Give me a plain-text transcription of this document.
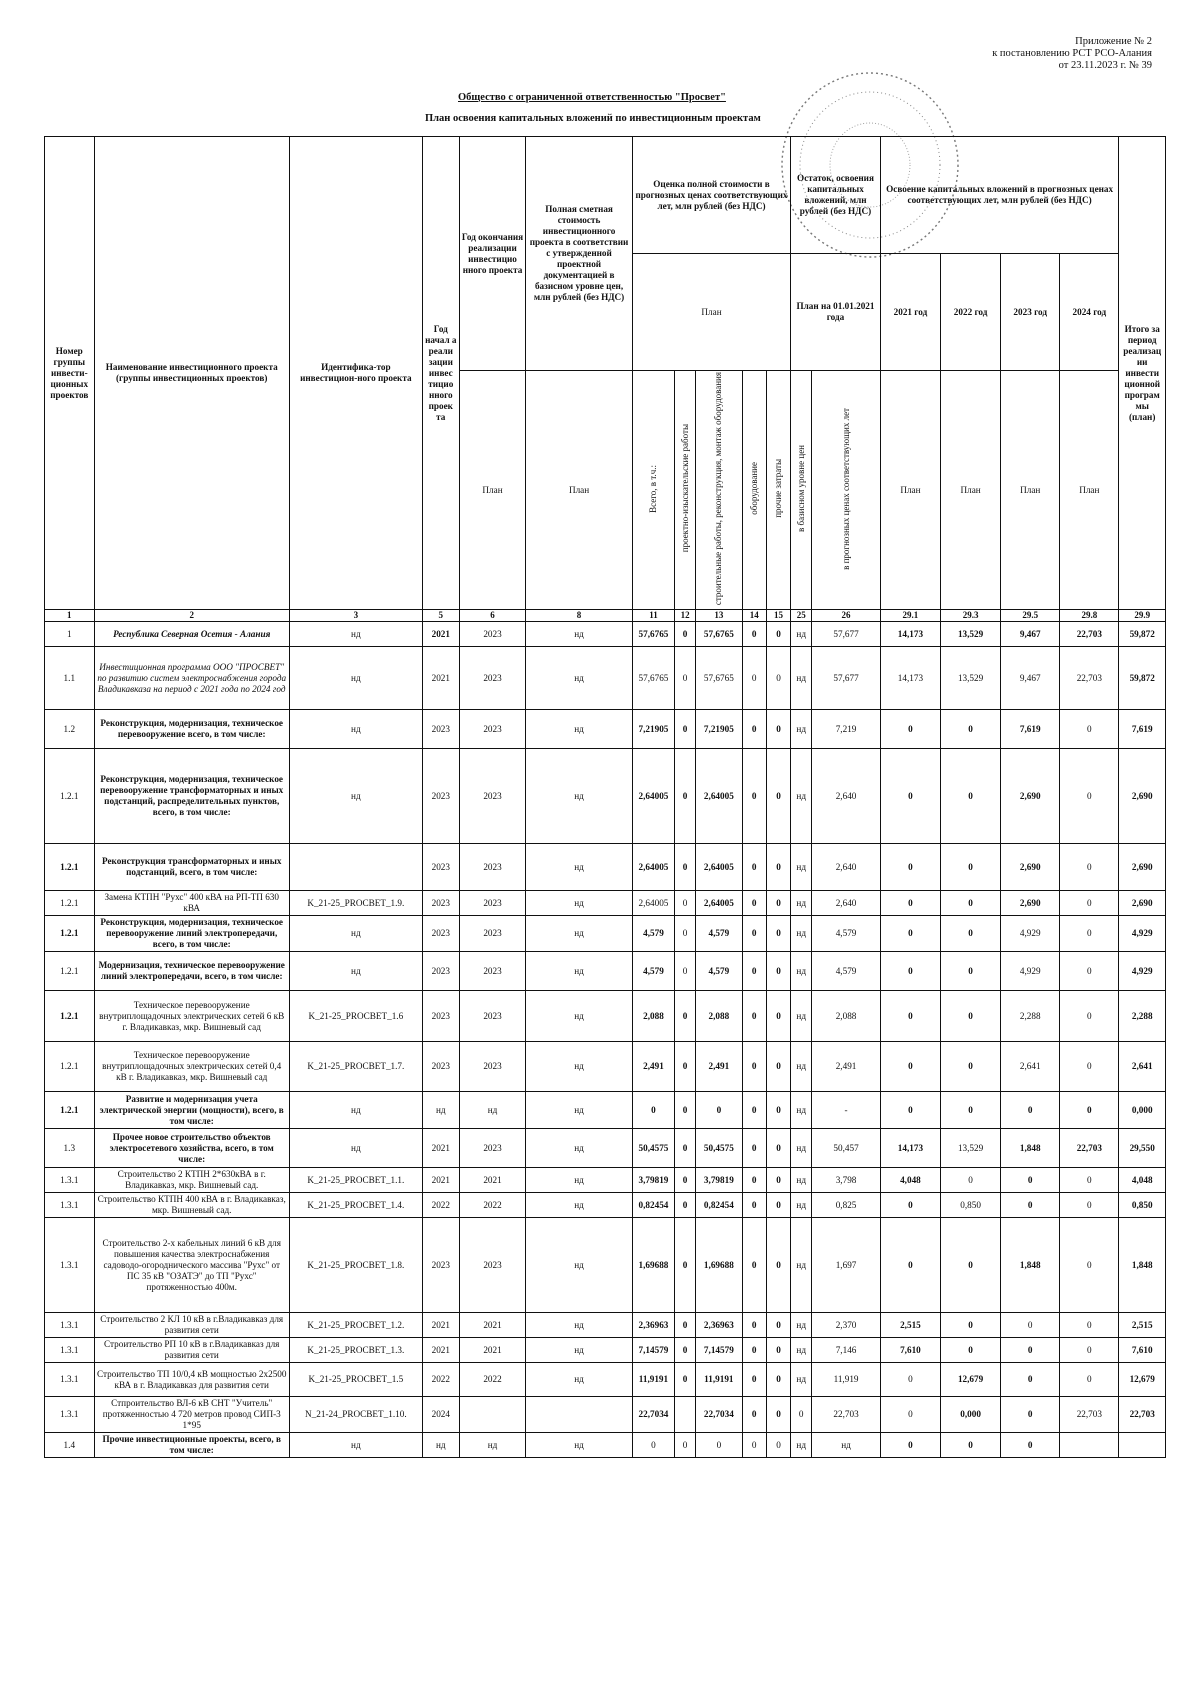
Приложение № 2
к постановлению РСТ РСО-Алания
от 23.11.2023 г. № 39
Общество с ограниченной ответственностью "Просвет"
План освоения капитальных вложений по инвестиционным проектам
Номер группы инвести-ционных проектов	Наименование инвестиционного проекта (группы инвестиционных проектов)	Идентифика-тор инвестицион-ного проекта	Год начал а реали зации инвес тицио нного проек та	Год окончания реализации инвестицио нного проекта	Полная сметная стоимость инвестиционного проекта в соответствии с утвержденной проектной документацией в базисном уровне цен, млн рублей (без НДС)	Оценка полной стоимости в прогнозных ценах соответствующих лет, млн рублей (без НДС)					Остаток, освоения капитальных вложений, млн рублей (без НДС)		Освоение капитальных вложений в прогнозных ценах соответствующих лет, млн рублей (без НДС)				Итого за период реализац ии инвести ционной програм мы (план)
						План					План на 01.01.2021 года		2021 год	2022 год	2023 год	2024 год	
				План	План	Всего, в т.ч.:	проектно-изыскательские работы	строительные работы, реконструкция, монтаж оборудования	оборудование	прочие затраты	в базисном уровне цен	в прогнозных ценах соответствующих лет	План	План	План	План	
1	2	3	5	6	8	11	12	13	14	15	25	26	29.1	29.3	29.5	29.8	29.9
1	Республика Северная Осетия - Алания	нд	2021	2023	нд	57,6765	0	57,6765	0	0	нд	57,677	14,173	13,529	9,467	22,703	59,872
1.1	Инвестиционная программа ООО "ПРОСВЕТ" по развитию систем электроснабжения города Владикавказа на период с 2021 года по 2024 год	нд	2021	2023	нд	57,6765	0	57,6765	0	0	нд	57,677	14,173	13,529	9,467	22,703	59,872
1.2	Реконструкция, модернизация, техническое перевооружение всего, в том числе:	нд	2023	2023	нд	7,21905	0	7,21905	0	0	нд	7,219	0	0	7,619	0	7,619
1.2.1	Реконструкция, модернизация, техническое перевооружение трансформаторных и иных подстанций, распределительных пунктов, всего, в том числе:	нд	2023	2023	нд	2,64005	0	2,64005	0	0	нд	2,640	0	0	2,690	0	2,690
1.2.1	Реконструкция трансформаторных и иных подстанций, всего, в том числе:		2023	2023	нд	2,64005	0	2,64005	0	0	нд	2,640	0	0	2,690	0	2,690
1.2.1	Замена КТПН "Рухс" 400 кВА на РП-ТП 630 кВА	K_21-25_PROCBET_1.9.	2023	2023	нд	2,64005	0	2,64005	0	0	нд	2,640	0	0	2,690	0	2,690
1.2.1	Реконструкция, модернизация, техническое перевооружение линий электропередачи, всего, в том числе:	нд	2023	2023	нд	4,579	0	4,579	0	0	нд	4,579	0	0	4,929	0	4,929
1.2.1	Модернизация, техническое перевооружение линий электропередачи, всего, в том числе:	нд	2023	2023	нд	4,579	0	4,579	0	0	нд	4,579	0	0	4,929	0	4,929
1.2.1	Техническое перевооружение внутриплощадочных электрических сетей 6 кВ г. Владикавказ, мкр. Вишневый сад	K_21-25_PROCBET_1.6	2023	2023	нд	2,088	0	2,088	0	0	нд	2,088	0	0	2,288	0	2,288
1.2.1	Техническое перевооружение внутриплощадочных электрических сетей 0,4 кВ г. Владикавказ, мкр. Вишневый сад	K_21-25_PROCBET_1.7.	2023	2023	нд	2,491	0	2,491	0	0	нд	2,491	0	0	2,641	0	2,641
1.2.1	Развитие и модернизация учета электрической энергии (мощности), всего, в том числе:	нд	нд	нд	нд	0	0	0	0	0	нд	-	0	0	0	0	0,000
1.3	Прочее новое строительство объектов электросетевого хозяйства, всего, в том числе:	нд	2021	2023	нд	50,4575	0	50,4575	0	0	нд	50,457	14,173	13,529	1,848	22,703	29,550
1.3.1	Строительство 2 КТПН 2*630кВА в г. Владикавказ, мкр. Вишневый сад.	K_21-25_PROCBET_1.1.	2021	2021	нд	3,79819	0	3,79819	0	0	нд	3,798	4,048	0	0	0	4,048
1.3.1	Строительство КТПН 400 кВА в г. Владикавказ, мкр. Вишневый сад.	K_21-25_PROCBET_1.4.	2022	2022	нд	0,82454	0	0,82454	0	0	нд	0,825	0	0,850	0	0	0,850
1.3.1	Строительство 2-х кабельных линий 6 кВ для повышения качества электроснабжения садоводо-огороднического массива "Рухс" от ПС 35 кВ "ОЗАТЭ" до ТП "Рухс" протяженностью 400м.	K_21-25_PROCBET_1.8.	2023	2023	нд	1,69688	0	1,69688	0	0	нд	1,697	0	0	1,848	0	1,848
1.3.1	Строительство 2 КЛ 10 кВ в г.Владикавказ для развития сети	K_21-25_PROCBET_1.2.	2021	2021	нд	2,36963	0	2,36963	0	0	нд	2,370	2,515	0	0	0	2,515
1.3.1	Строительство РП 10 кВ в г.Владикавказ для развития сети	K_21-25_PROCBET_1.3.	2021	2021	нд	7,14579	0	7,14579	0	0	нд	7,146	7,610	0	0	0	7,610
1.3.1	Строительство ТП 10/0,4 кВ мощностью 2х2500 кВА в г. Владикавказ для развития сети	K_21-25_PROCBET_1.5	2022	2022	нд	11,9191	0	11,9191	0	0	нд	11,919	0	12,679	0	0	12,679
1.3.1	Стпроительство ВЛ-6 кВ СНТ "Учитель" протяженностью 4 720 метров провод СИП-3 1*95	N_21-24_PROCBET_1.10.	2024			22,7034		22,7034	0	0	0	22,703	0	0,000	0	22,703	22,703
1.4	Прочие инвестиционные проекты, всего, в том числе:	нд	нд	нд	нд	0	0	0	0	0	нд	нд	0	0	0		
